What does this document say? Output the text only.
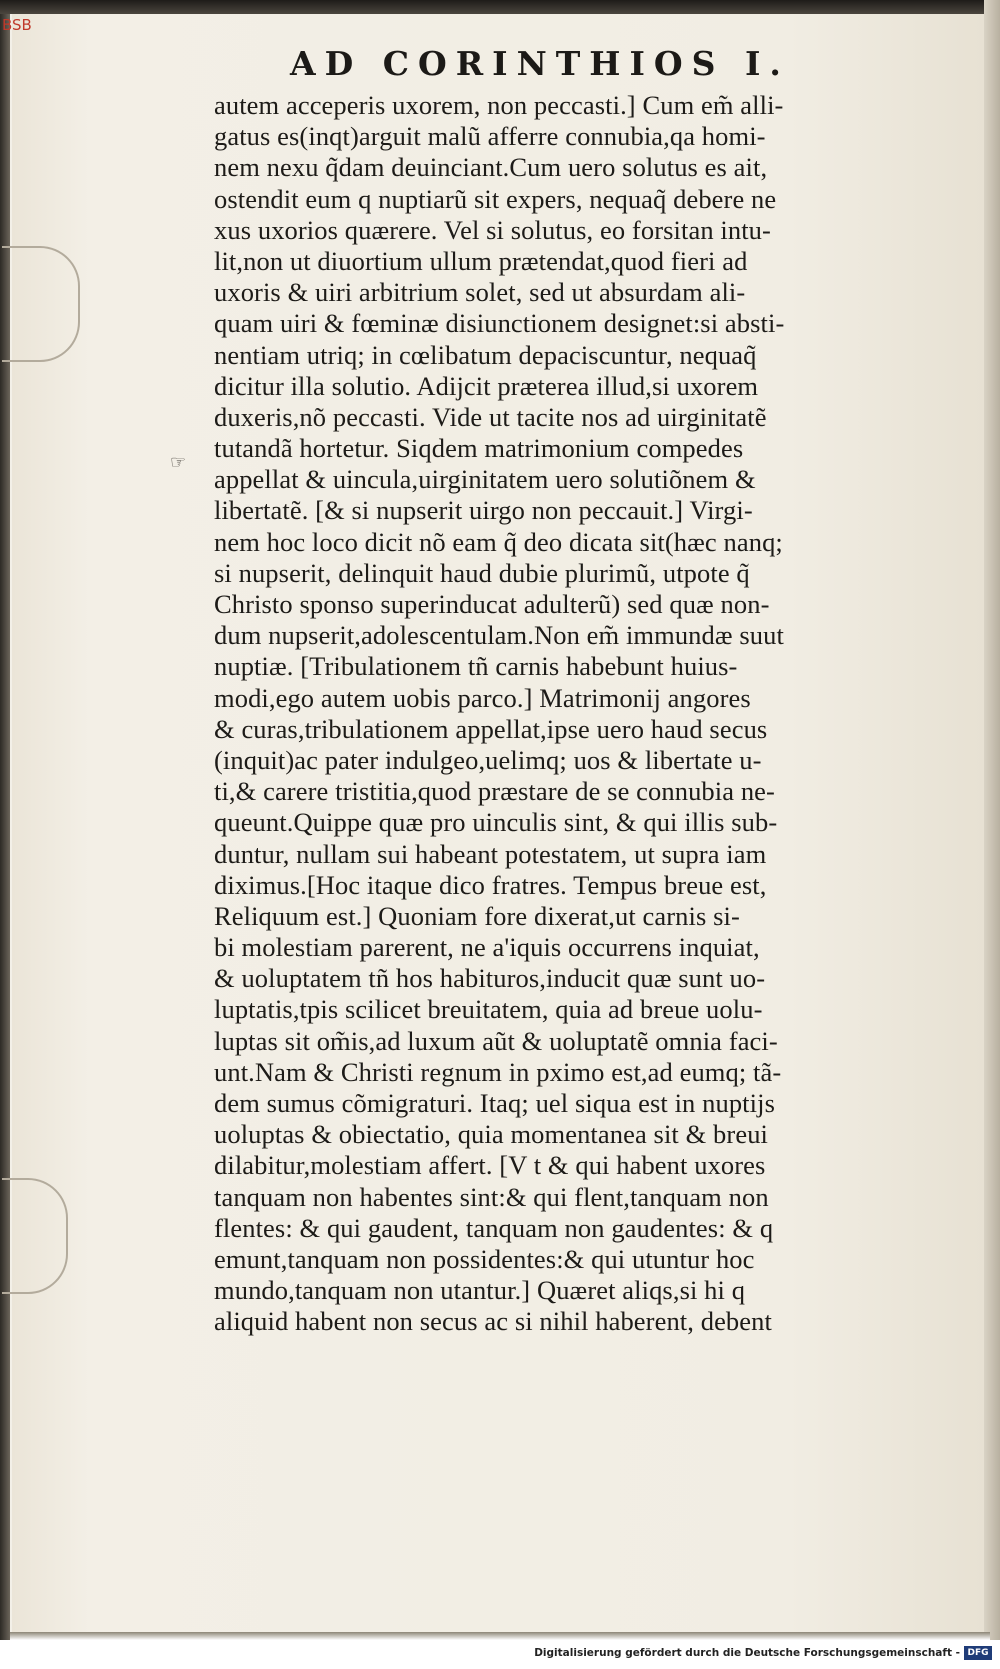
BSB
AD CORINTHIOS I.
☞
autem acceperis uxorem, non peccasti.] Cum em̃ alli-
gatus es(inqt)arguit malũ afferre connubia,qa homi-
nem nexu q̃dam deuinciant.Cum uero solutus es ait,
ostendit eum q nuptiarũ sit expers, nequaq̃ debere ne
xus uxorios quærere. Vel si solutus, eo forsitan intu-
lit,non ut diuortium ullum prætendat,quod fieri ad
uxoris & uiri arbitrium solet, sed ut absurdam ali-
quam uiri & fœminæ disiunctionem designet:si absti-
nentiam utriq; in cœlibatum depaciscuntur, nequaq̃
dicitur illa solutio. Adijcit præterea illud,si uxorem
duxeris,nõ peccasti. Vide ut tacite nos ad uirginitatẽ
tutandã hortetur. Siqdem matrimonium compedes
appellat & uincula,uirginitatem uero solutiõnem &
libertatẽ. [& si nupserit uirgo non peccauit.] Virgi-
nem hoc loco dicit nõ eam q̃ deo dicata sit(hæc nanq;
si nupserit, delinquit haud dubie plurimũ, utpote q̃
Christo sponso superinducat adulterũ) sed quæ non-
dum nupserit,adolescentulam.Non em̃ immundæ suut
nuptiæ. [Tribulationem tñ carnis habebunt huius-
modi,ego autem uobis parco.] Matrimonij angores
& curas,tribulationem appellat,ipse uero haud secus
(inquit)ac pater indulgeo,uelimq; uos & libertate u-
ti,& carere tristitia,quod præstare de se connubia ne-
queunt.Quippe quæ pro uinculis sint, & qui illis sub-
duntur, nullam sui habeant potestatem, ut supra iam
diximus.[Hoc itaque dico fratres. Tempus breue est,
Reliquum est.] Quoniam fore dixerat,ut carnis si-
bi molestiam parerent, ne a'iquis occurrens inquiat,
& uoluptatem tñ hos habituros,inducit quæ sunt uo-
luptatis,tpis scilicet breuitatem, quia ad breue uolu-
luptas sit om̃is,ad luxum aũt & uoluptatẽ omnia faci-
unt.Nam & Christi regnum in pximo est,ad eumq; tã-
dem sumus cõmigraturi. Itaq; uel siqua est in nuptijs
uoluptas & obiectatio, quia momentanea sit & breui
dilabitur,molestiam affert. [V t & qui habent uxores
tanquam non habentes sint:& qui flent,tanquam non
flentes: & qui gaudent, tanquam non gaudentes: & q
emunt,tanquam non possidentes:& qui utuntur hoc
mundo,tanquam non utantur.] Quæret aliqs,si hi q
aliquid habent non secus ac si nihil haberent, debent
Digitalisierung gefördert durch die Deutsche Forschungsgemeinschaft - DFG
